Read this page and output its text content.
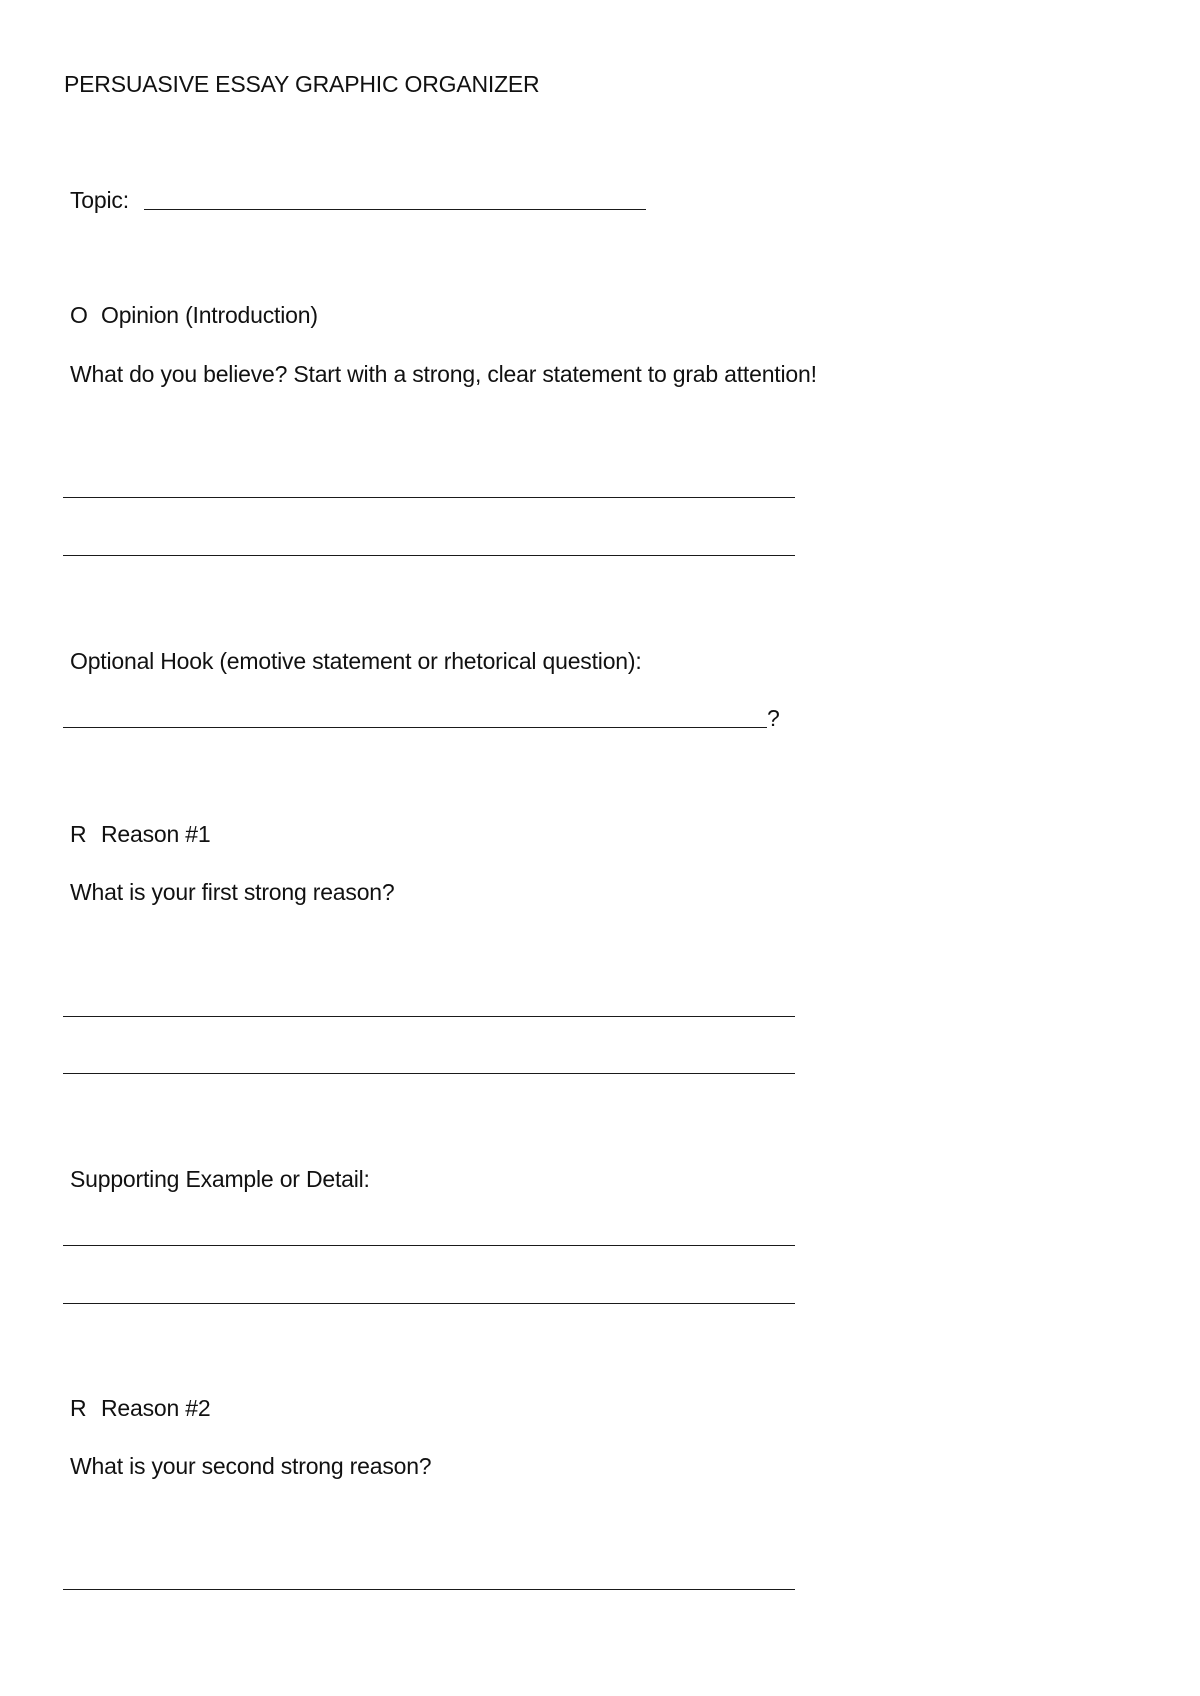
PERSUASIVE ESSAY GRAPHIC ORGANIZER
Topic:
O Opinion (Introduction)
What do you believe? Start with a strong, clear statement to grab attention!
Optional Hook (emotive statement or rhetorical question):
?
R Reason #1
What is your first strong reason?
Supporting Example or Detail:
R Reason #2
What is your second strong reason?
